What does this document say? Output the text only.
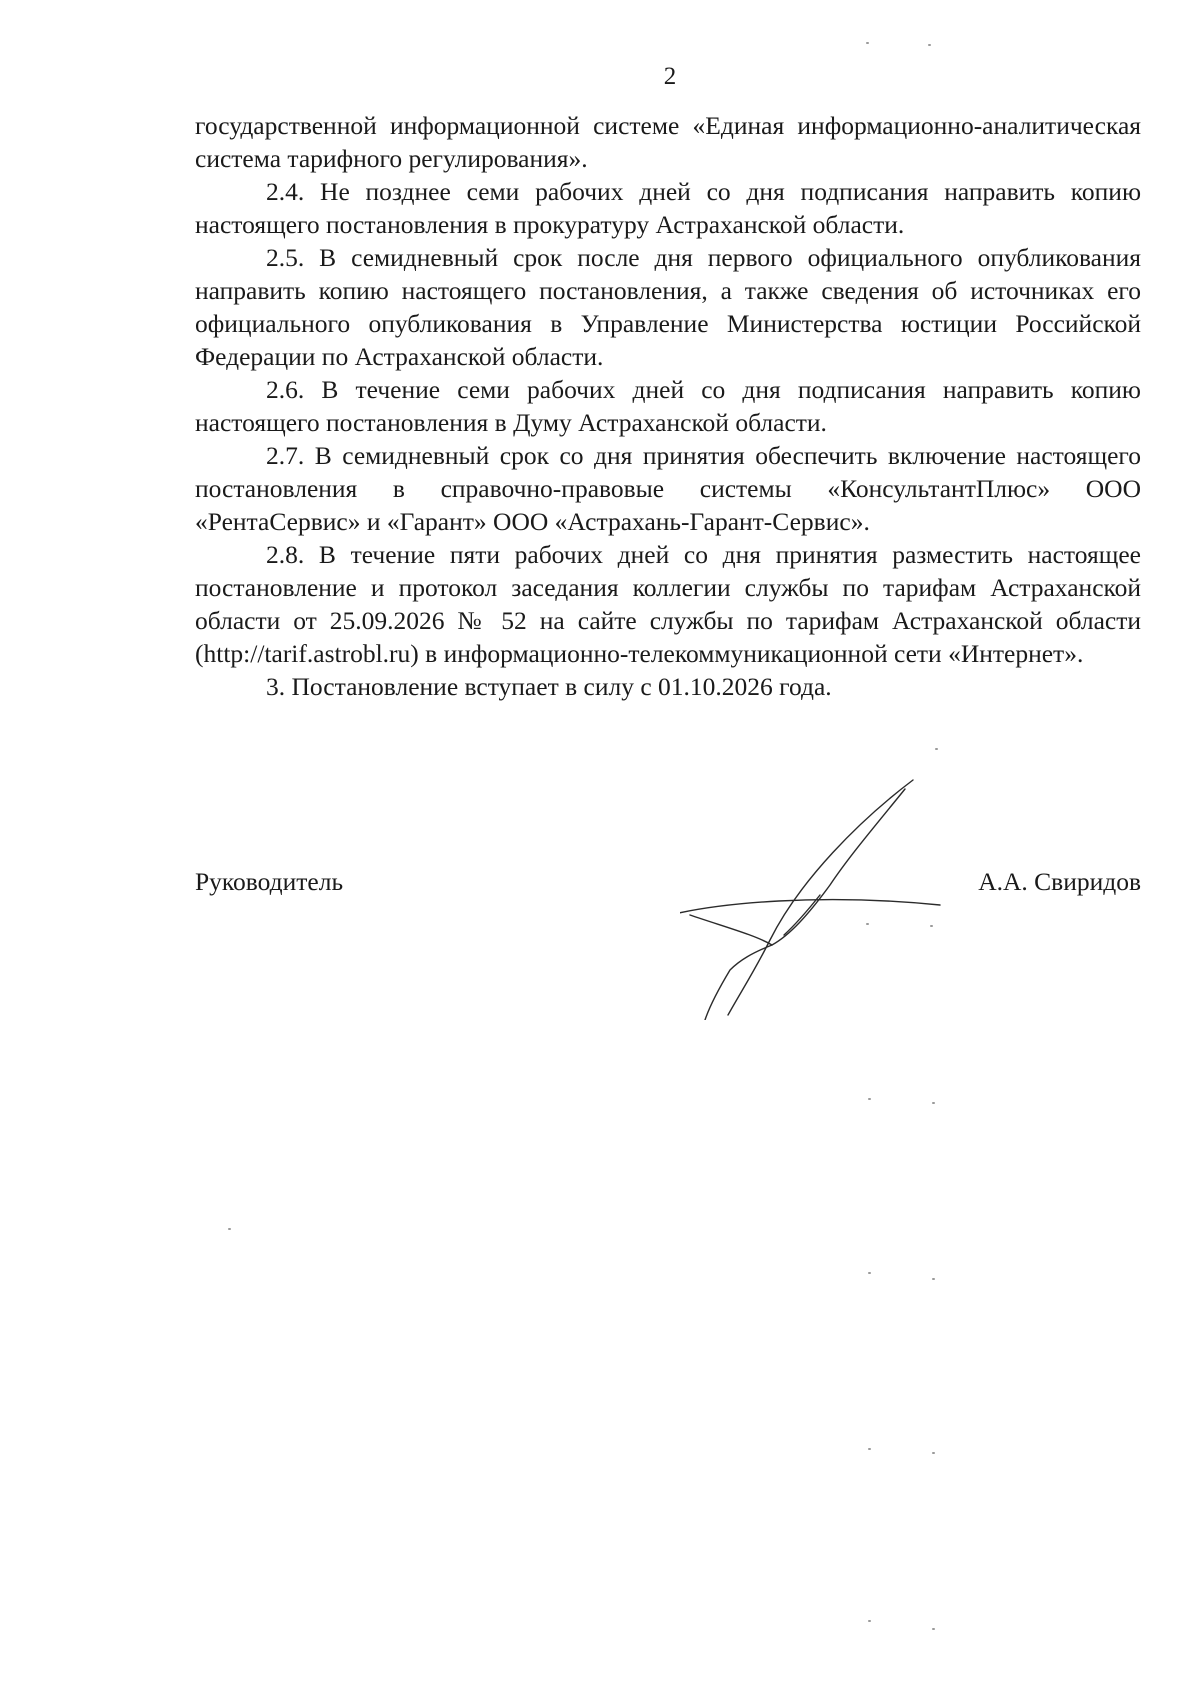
2

государственной информационной системе «Единая информационно-аналитическая система тарифного регулирования».

2.4. Не позднее семи рабочих дней со дня подписания направить копию настоящего постановления в прокуратуру Астраханской области.

2.5. В семидневный срок после дня первого официального опубликования направить копию настоящего постановления, а также сведения об источниках его официального опубликования в Управление Министерства юстиции Российской Федерации по Астраханской области.

2.6. В течение семи рабочих дней со дня подписания направить копию настоящего постановления в Думу Астраханской области.

2.7. В семидневный срок со дня принятия обеспечить включение настоящего постановления в справочно-правовые системы «КонсультантПлюс» ООО «РентаСервис» и «Гарант» ООО «Астрахань-Гарант-Сервис».

2.8. В течение пяти рабочих дней со дня принятия разместить настоящее постановление и протокол заседания коллегии службы по тарифам Астраханской области от 25.09.2026 № 52 на сайте службы по тарифам Астраханской области (http://tarif.astrobl.ru) в информационно-телекоммуникационной сети «Интернет».

3. Постановление вступает в силу с 01.10.2026 года.

Руководитель	А.А. Свиридов
